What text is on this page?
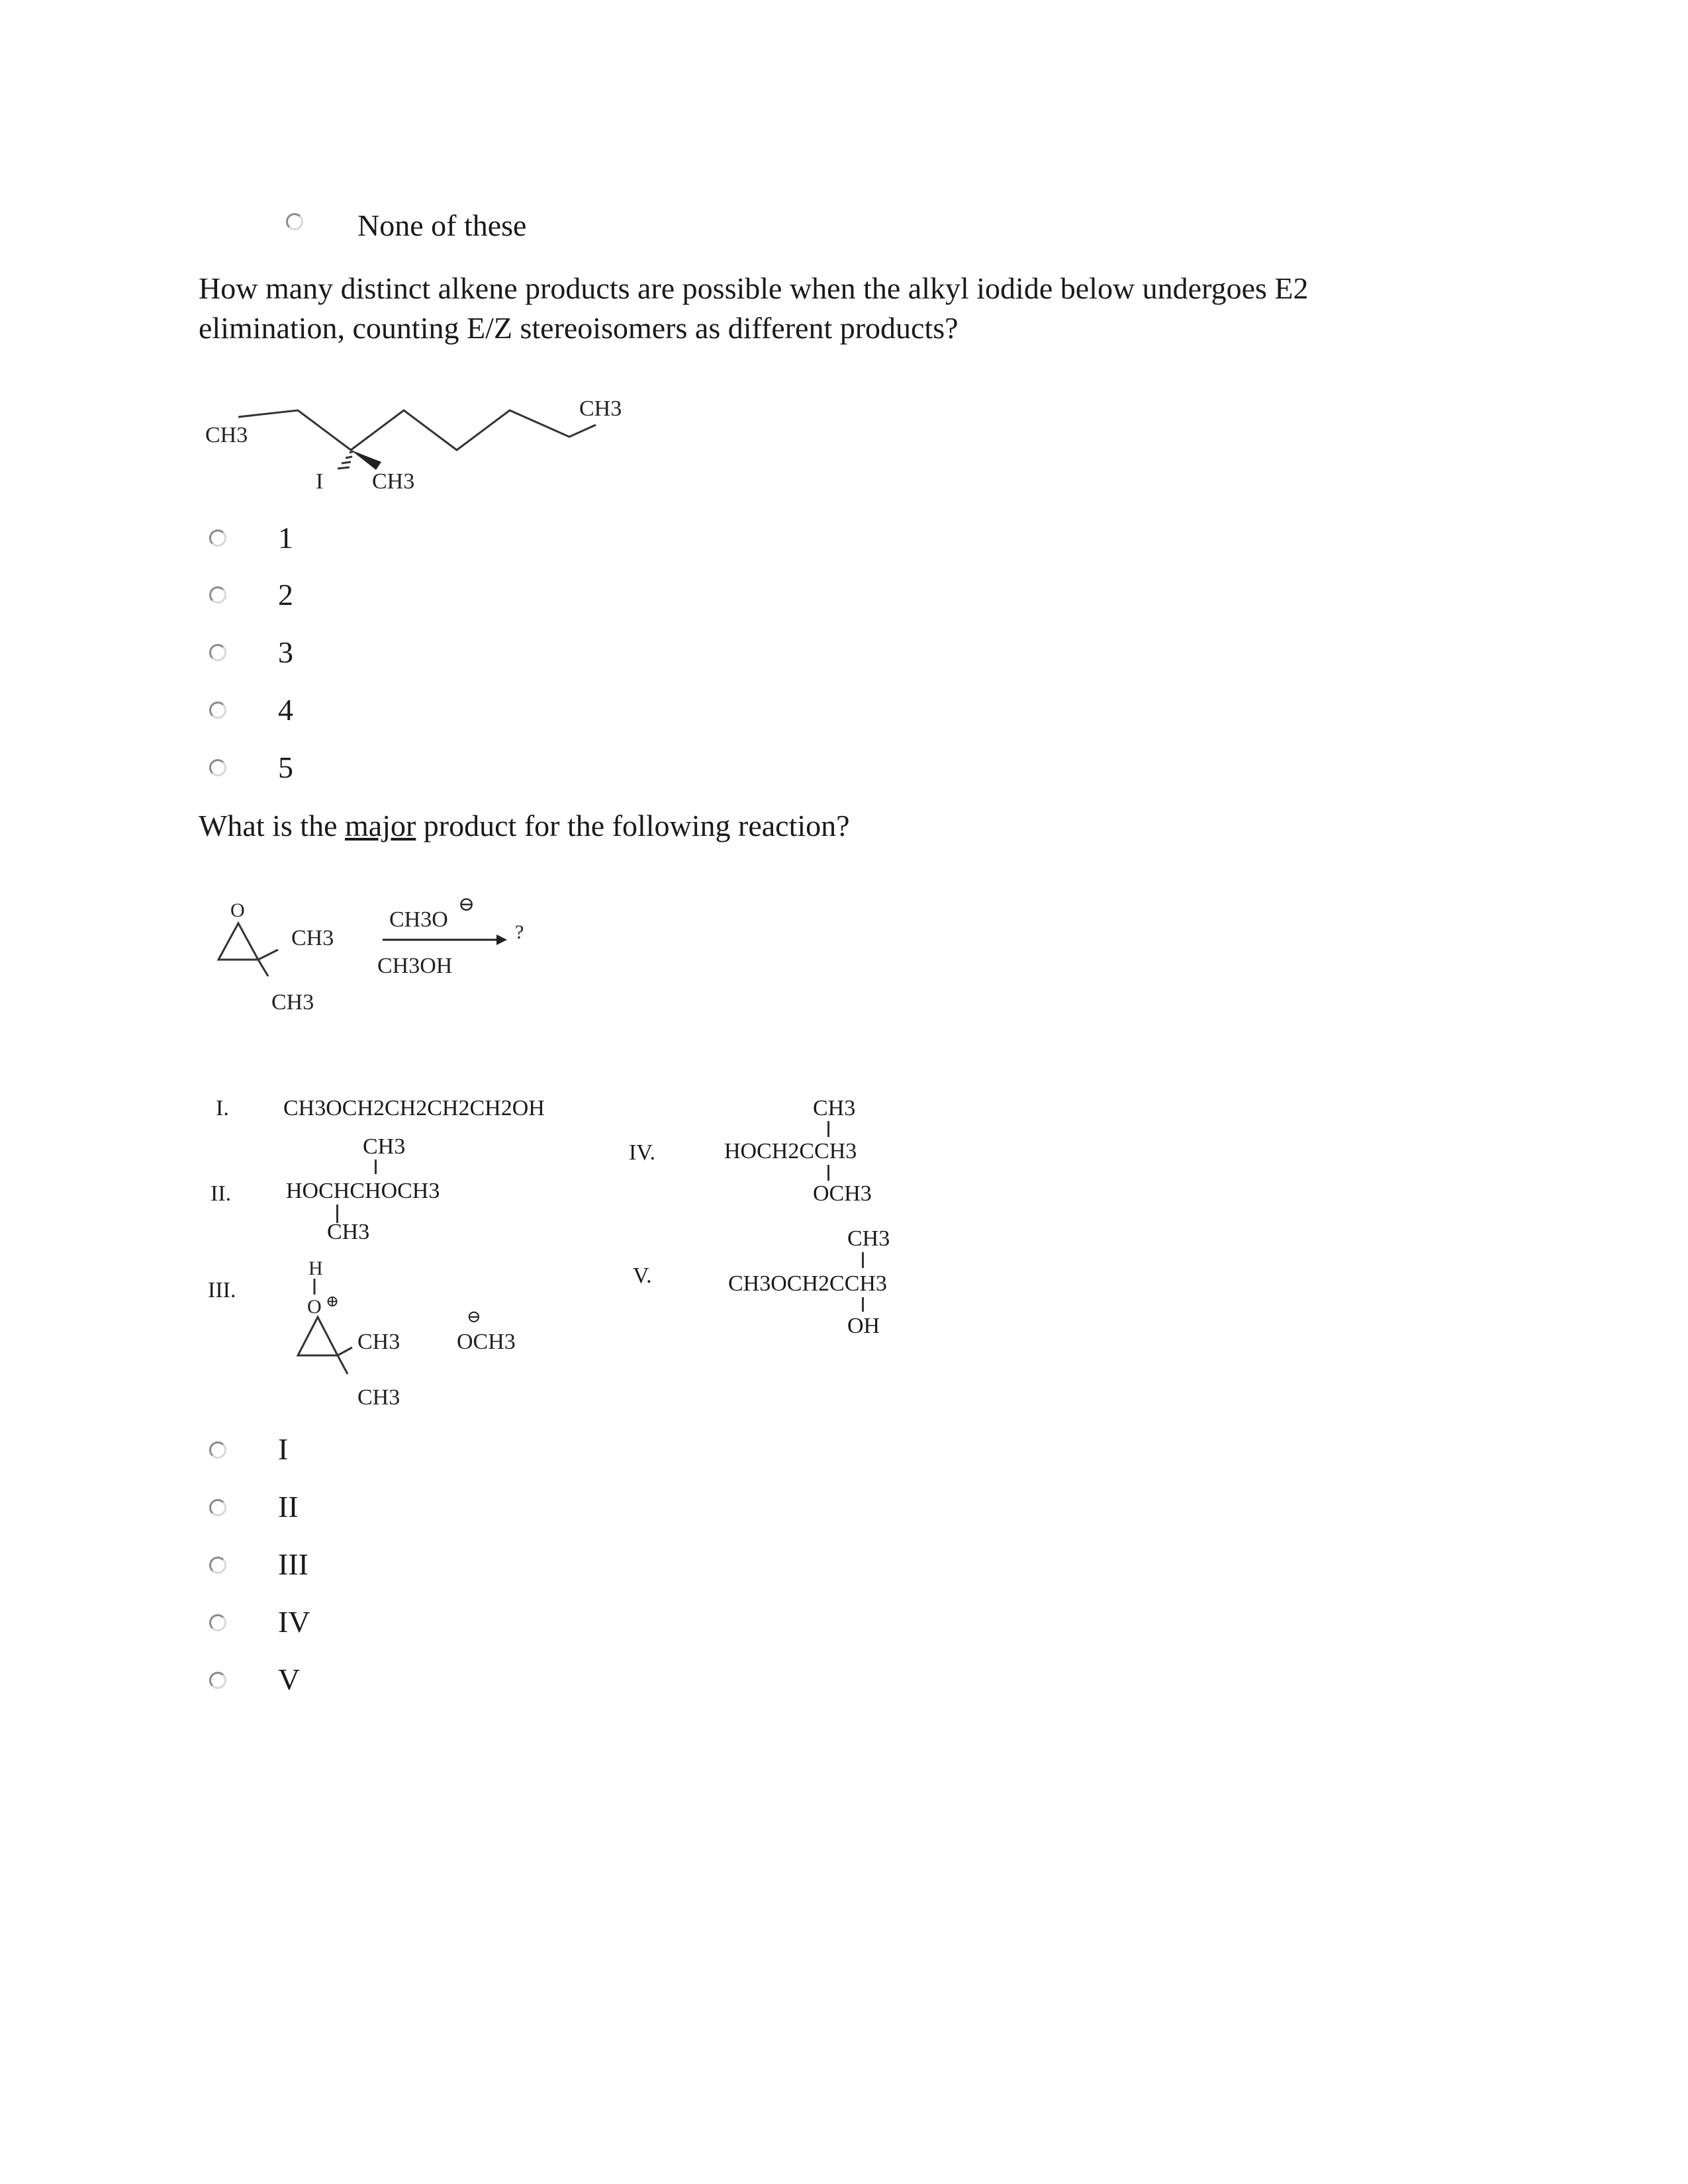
None of these
How many distinct alkene products are possible when the alkyl iodide below undergoes E2
elimination, counting E/Z stereoisomers as different products?
CH3
CH3
I CH3
1
2
3
4
5
What is the major product for the following reaction?
O
CH3
CH3
CH3O
⊖
CH3OH
?
I. CH3OCH2CH2CH2CH2OH
CH3
II. HOCHCHOCH3
CH3
III.
H
O ⊕
CH3
CH3
⊖
OCH3
CH3
IV.	HOCH2CCH3
OCH3
CH3
V.	CH3OCH2CCH3
OH
I
II
III
IV
V
